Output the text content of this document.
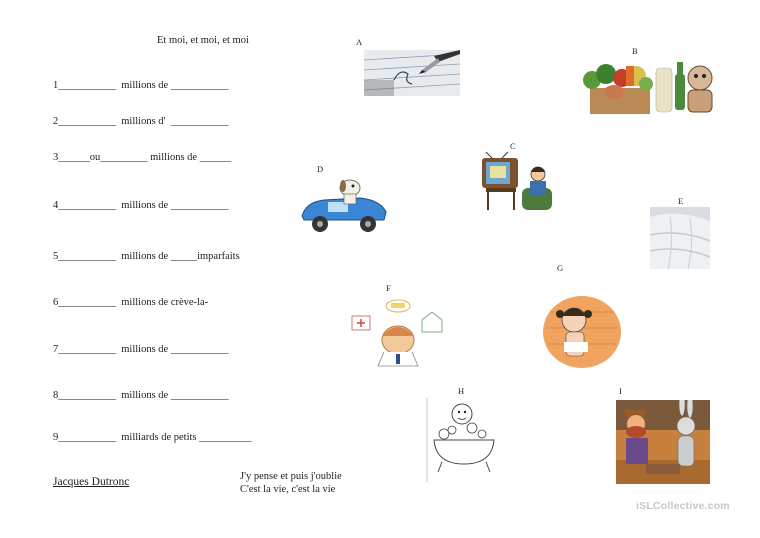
Et moi, et moi, et moi
1___________  millions de ___________
2___________  millions d'  ___________
3______ou_________ millions de ______
4___________  millions de ___________
5___________  millions de _____imparfaits
6___________  millions de crève-la-
7___________  millions de ___________
8___________  millions de ___________
9___________  milliards de petits __________
Jacques Dutronc	J'y pense et puis j'oublie
C'est la vie, c'est la vie
A
B
C
D
E
F
G
H	I
iSLCollective.com
